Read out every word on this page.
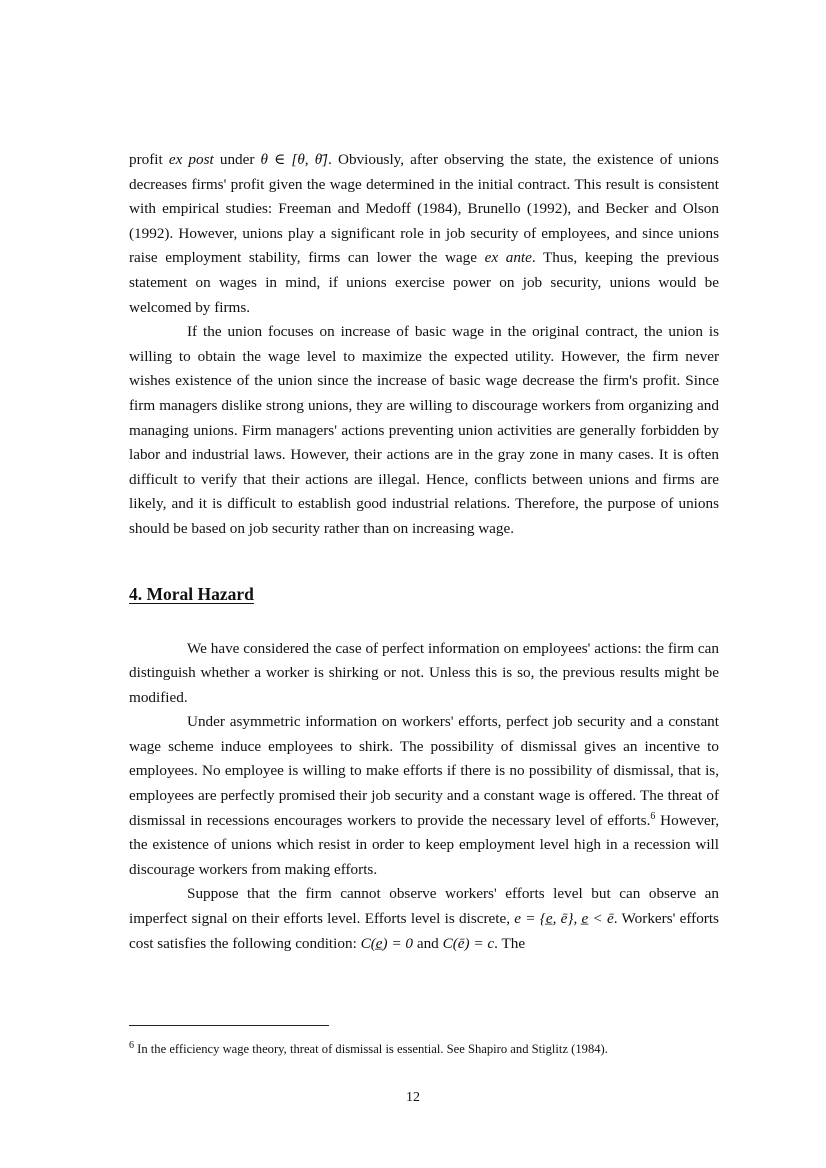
profit ex post under θ ∈ [θ, θ̄]. Obviously, after observing the state, the existence of unions decreases firms' profit given the wage determined in the initial contract. This result is consistent with empirical studies: Freeman and Medoff (1984), Brunello (1992), and Becker and Olson (1992). However, unions play a significant role in job security of employees, and since unions raise employment stability, firms can lower the wage ex ante. Thus, keeping the previous statement on wages in mind, if unions exercise power on job security, unions would be welcomed by firms.

If the union focuses on increase of basic wage in the original contract, the union is willing to obtain the wage level to maximize the expected utility. However, the firm never wishes existence of the union since the increase of basic wage decrease the firm's profit. Since firm managers dislike strong unions, they are willing to discourage workers from organizing and managing unions. Firm managers' actions preventing union activities are generally forbidden by labor and industrial laws. However, their actions are in the gray zone in many cases. It is often difficult to verify that their actions are illegal. Hence, conflicts between unions and firms are likely, and it is difficult to establish good industrial relations. Therefore, the purpose of unions should be based on job security rather than on increasing wage.

4. Moral Hazard

We have considered the case of perfect information on employees' actions: the firm can distinguish whether a worker is shirking or not. Unless this is so, the previous results might be modified.

Under asymmetric information on workers' efforts, perfect job security and a constant wage scheme induce employees to shirk. The possibility of dismissal gives an incentive to employees. No employee is willing to make efforts if there is no possibility of dismissal, that is, employees are perfectly promised their job security and a constant wage is offered. The threat of dismissal in recessions encourages workers to provide the necessary level of efforts.$^6$ However, the existence of unions which resist in order to keep employment level high in a recession will discourage workers from making efforts.

Suppose that the firm cannot observe workers' efforts level but can observe an imperfect signal on their efforts level. Efforts level is discrete, e = {e̲, ē}, e̲ < ē. Workers' efforts cost satisfies the following condition: C(e̲) = 0 and C(ē) = c. The

$^6$ In the efficiency wage theory, threat of dismissal is essential. See Shapiro and Stiglitz (1984).
12
